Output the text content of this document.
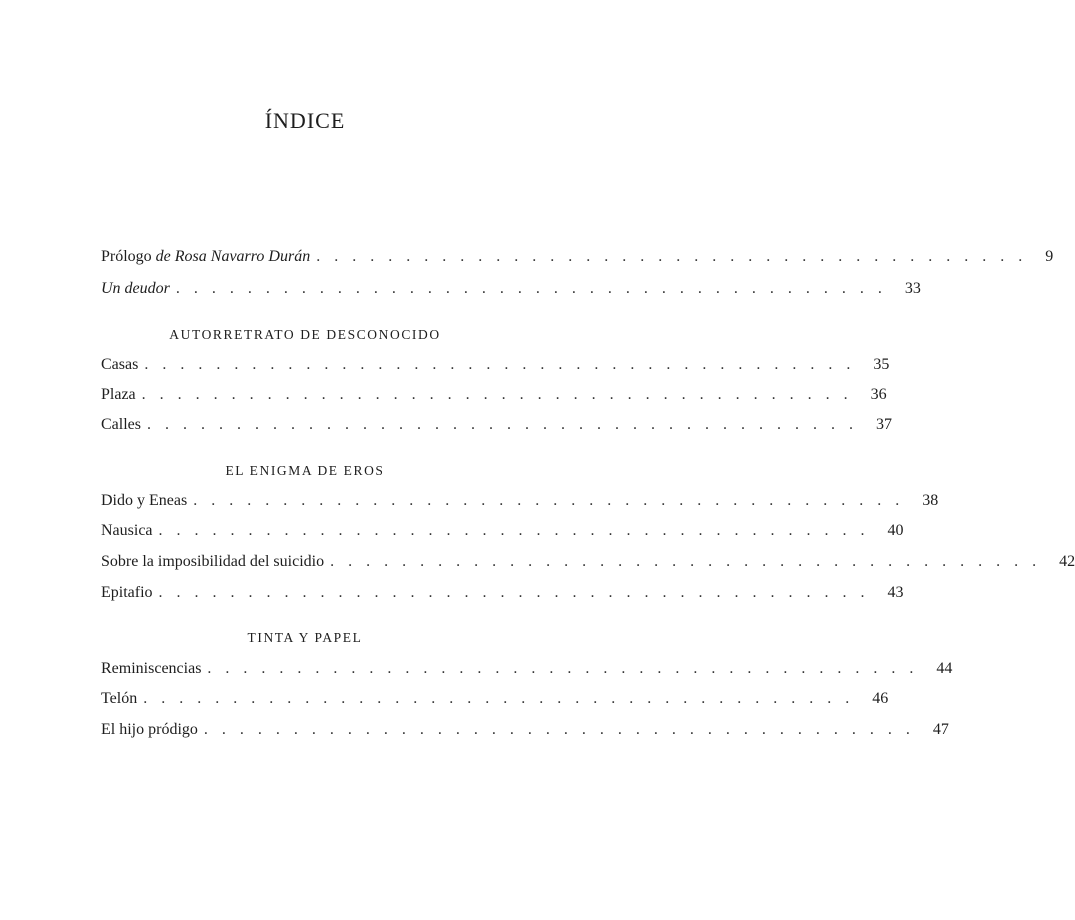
ÍNDICE
Prólogo de Rosa Navarro Durán . . . . . . . . . . . . . . . . . . . . . . . . . . . . . . . . . . . . . . . . 9
Un deudor . . . . . . . . . . . . . . . . . . . . . . . . . . . . . . . . . . . . . . . . 33
AUTORRETRATO DE DESCONOCIDO
Casas . . . . . . . . . . . . . . . . . . . . . . . . . . . . . . . . . . . . . . . . 35
Plaza . . . . . . . . . . . . . . . . . . . . . . . . . . . . . . . . . . . . . . . . 36
Calles . . . . . . . . . . . . . . . . . . . . . . . . . . . . . . . . . . . . . . . . 37
EL ENIGMA DE EROS
Dido y Eneas . . . . . . . . . . . . . . . . . . . . . . . . . . . . . . . . . . . . . . . . 38
Nausica . . . . . . . . . . . . . . . . . . . . . . . . . . . . . . . . . . . . . . . . 40
Sobre la imposibilidad del suicidio . . . . . . . . . . . . . . . . . . . . . . . . . . . . . . . . . . . . . . . . 42
Epitafio . . . . . . . . . . . . . . . . . . . . . . . . . . . . . . . . . . . . . . . . 43
TINTA Y PAPEL
Reminiscencias . . . . . . . . . . . . . . . . . . . . . . . . . . . . . . . . . . . . . . . . 44
Telón . . . . . . . . . . . . . . . . . . . . . . . . . . . . . . . . . . . . . . . . 46
El hijo pródigo . . . . . . . . . . . . . . . . . . . . . . . . . . . . . . . . . . . . . . . . 47
